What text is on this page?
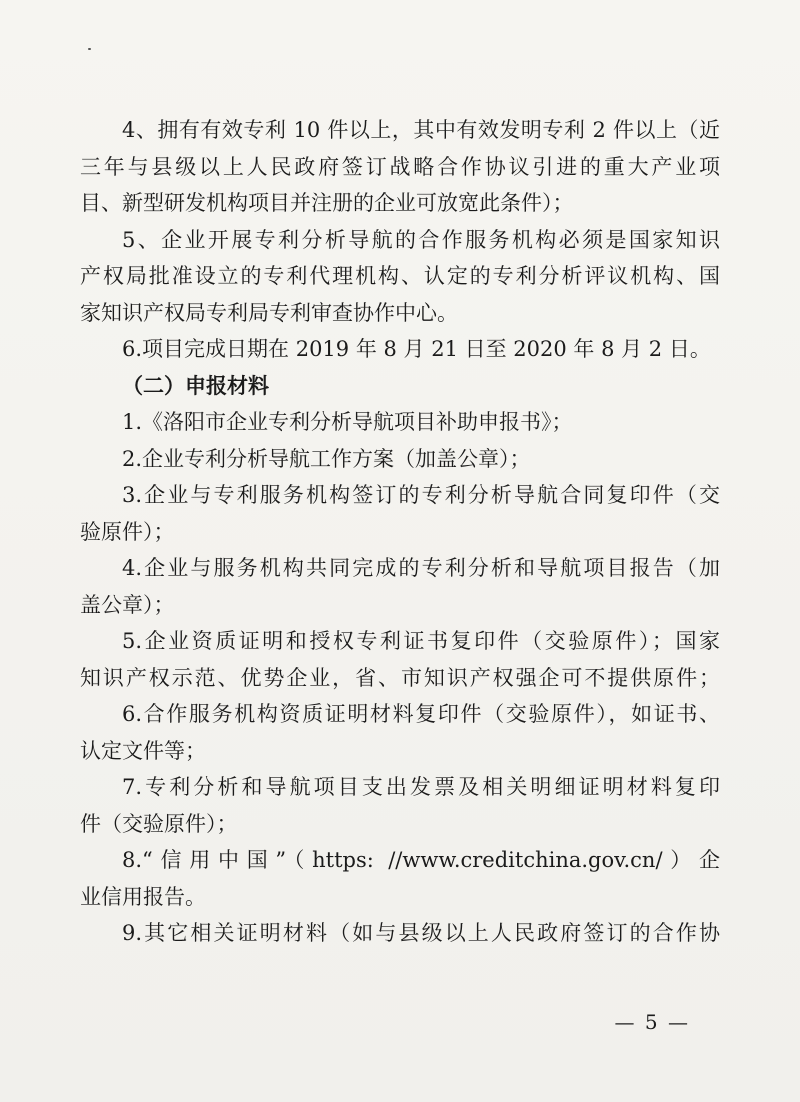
4、拥有有效专利 10 件以上，其中有效发明专利 2 件以上（近
三年与县级以上人民政府签订战略合作协议引进的重大产业项
目、新型研发机构项目并注册的企业可放宽此条件）；
5、企业开展专利分析导航的合作服务机构必须是国家知识
产权局批准设立的专利代理机构、认定的专利分析评议机构、国
家知识产权局专利局专利审查协作中心。
6.项目完成日期在 2019 年 8 月 21 日至 2020 年 8 月 2 日。
（二）申报材料
1.《洛阳市企业专利分析导航项目补助申报书》；
2.企业专利分析导航工作方案（加盖公章）；
3.企业与专利服务机构签订的专利分析导航合同复印件（交
验原件）；
4.企业与服务机构共同完成的专利分析和导航项目报告（加
盖公章）；
5.企业资质证明和授权专利证书复印件（交验原件）；国家
知识产权示范、优势企业，省、市知识产权强企可不提供原件；
6.合作服务机构资质证明材料复印件（交验原件），如证书、
认定文件等；
7.专利分析和导航项目支出发票及相关明细证明材料复印
件（交验原件）；
8.“信用中国”（https: //www.creditchina.gov.cn/）企
业信用报告。
9.其它相关证明材料（如与县级以上人民政府签订的合作协
— 5 —
